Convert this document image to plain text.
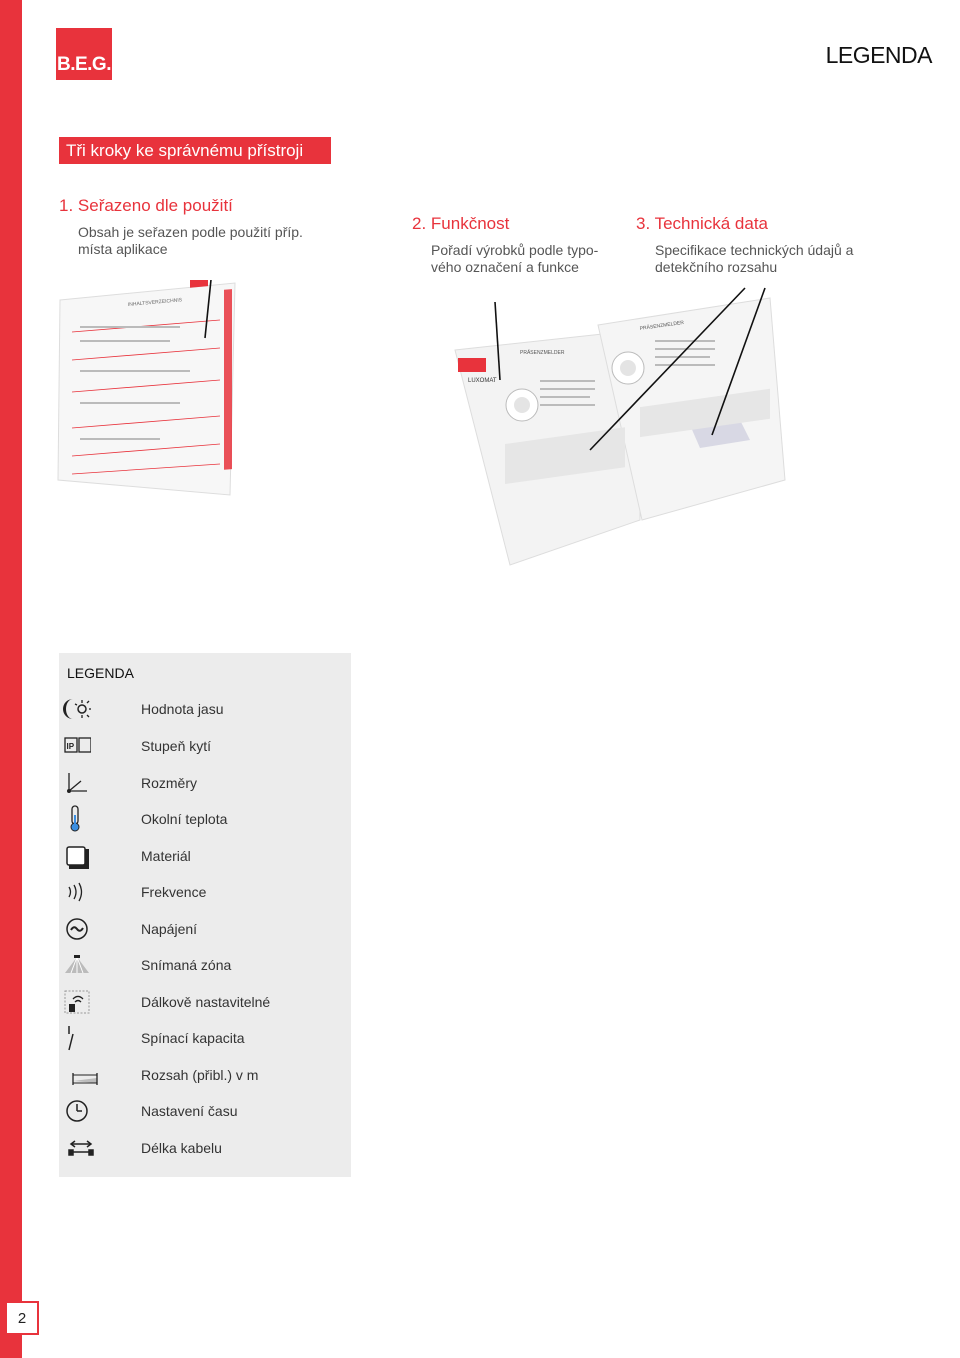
B.E.G.	LEGENDA
Tři kroky ke správnému přístroji
1. Seřazeno dle použití
Obsah je seřazen podle použití příp.
místa aplikace
2. Funkčnost
Pořadí výrobků podle typo-
vého označení a funkce
3. Technická data
Specifikace technických údajů a
detekčního rozsahu
INHALTSVERZEICHNIS
PRÄSENZMELDER
PRÄSENZMELDER
LUXOMAT
LEGENDA
Hodnota jasu
IP	Stupeň kytí
Rozměry
Okolní teplota
Materiál
Frekvence
Napájení
Snímaná zóna
Dálkově nastavitelné
Spínací kapacita
Rozsah (přibl.) v m
Nastavení času
Délka kabelu
2
